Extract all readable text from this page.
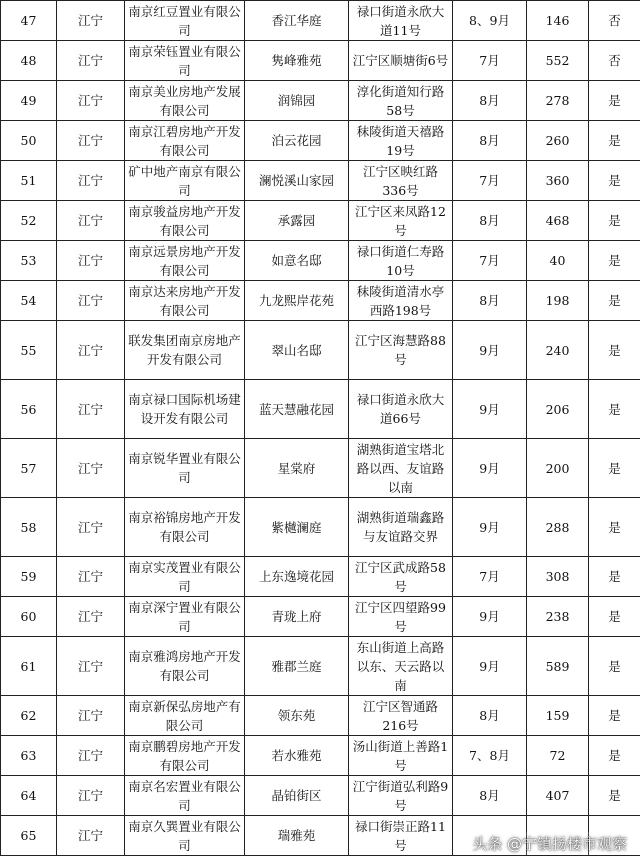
47	江宁	南京红豆置业有限公司	香江华庭	禄口街道永欣大道11号	8、9月	146	否
48	江宁	南京荣钰置业有限公司	隽峰雅苑	江宁区顺塘街6号	7月	552	否
49	江宁	南京美业房地产发展有限公司	润锦园	淳化街道知行路58号	8月	278	是
50	江宁	南京江碧房地产开发有限公司	泊云花园	秣陵街道天禧路19号	8月	260	是
51	江宁	矿中地产南京有限公司	澜悦溪山家园	江宁区映红路336号	7月	360	是
52	江宁	南京骏益房地产开发有限公司	承露园	江宁区来凤路12号	8月	468	是
53	江宁	南京远景房地产开发有限公司	如意名邸	禄口街道仁寿路10号	7月	40	是
54	江宁	南京达来房地产开发有限公司	九龙熙岸花苑	秣陵街道清水亭西路198号	8月	198	是
55	江宁	联发集团南京房地产开发有限公司	翠山名邸	江宁区海慧路88号	9月	240	是
56	江宁	南京禄口国际机场建设开发有限公司	蓝天慧融花园	禄口街道永欣大道66号	9月	206	是
57	江宁	南京锐华置业有限公司	星棠府	湖熟街道宝塔北路以西、友谊路以南	9月	200	是
58	江宁	南京裕锦房地产开发有限公司	紫樾澜庭	湖熟街道瑞鑫路与友谊路交界	9月	288	是
59	江宁	南京实茂置业有限公司	上东逸境花园	江宁区武成路58号	7月	308	是
60	江宁	南京深宁置业有限公司	青珑上府	江宁区四望路99号	9月	238	是
61	江宁	南京雅鸿房地产开发有限公司	雅郡兰庭	东山街道上高路以东、天云路以南	9月	589	是
62	江宁	南京新保弘房地产有限公司	领东苑	江宁区智通路216号	8月	159	是
63	江宁	南京鹏碧房地产开发有限公司	若水雅苑	汤山街道上善路1号	7、8月	72	是
64	江宁	南京名宏置业有限公司	晶铂街区	江宁街道弘利路9号	8月	407	是
65	江宁	南京久巽置业有限公司	瑞雅苑	禄口街崇正路11号				头条 @宁镇扬楼市观察
